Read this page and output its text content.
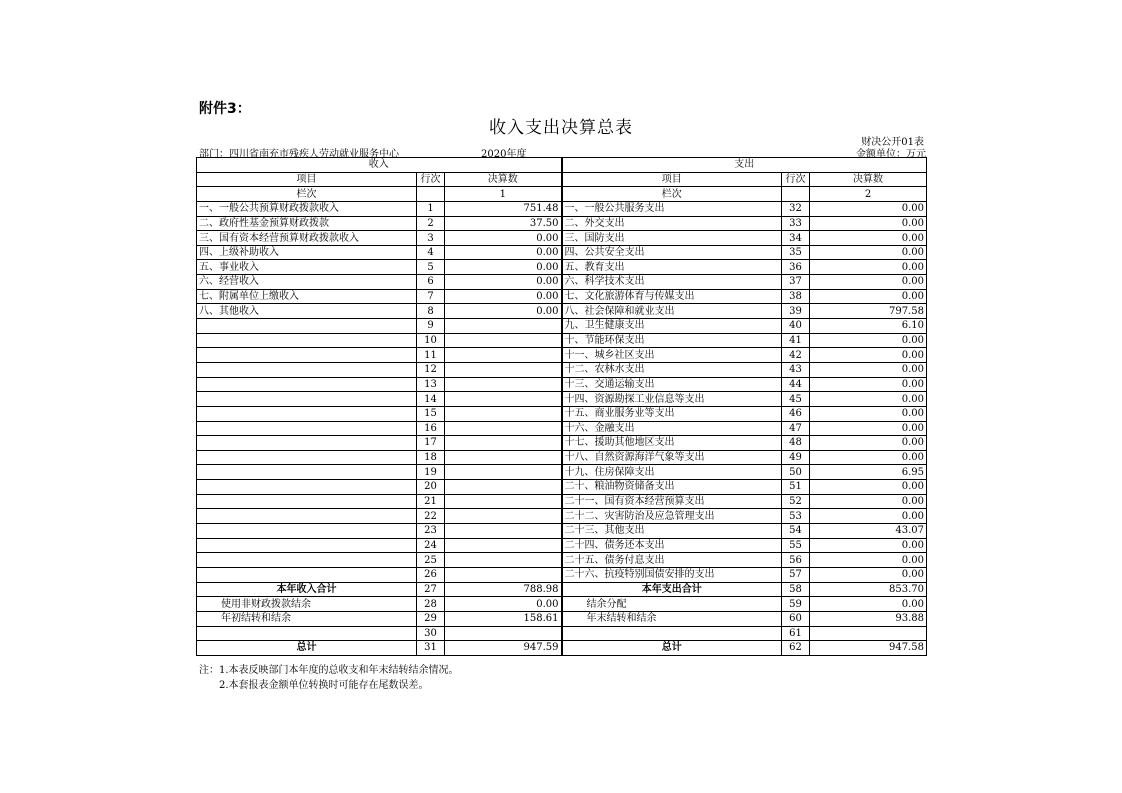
附件3：
收入支出决算总表
财决公开01表
部门：四川省南充市残疾人劳动就业服务中心	2020年度	金额单位：万元
收入			支出		
项目	行次	决算数	项目	行次	决算数
栏次		1	栏次		2
一、一般公共预算财政拨款收入	1	751.48	一、一般公共服务支出	32	0.00
二、政府性基金预算财政拨款	2	37.50	二、外交支出	33	0.00
三、国有资本经营预算财政拨款收入	3	0.00	三、国防支出	34	0.00
四、上级补助收入	4	0.00	四、公共安全支出	35	0.00
五、事业收入	5	0.00	五、教育支出	36	0.00
六、经营收入	6	0.00	六、科学技术支出	37	0.00
七、附属单位上缴收入	7	0.00	七、文化旅游体育与传媒支出	38	0.00
八、其他收入	8	0.00	八、社会保障和就业支出	39	797.58
	9		九、卫生健康支出	40	6.10
	10		十、节能环保支出	41	0.00
	11		十一、城乡社区支出	42	0.00
	12		十二、农林水支出	43	0.00
	13		十三、交通运输支出	44	0.00
	14		十四、资源勘探工业信息等支出	45	0.00
	15		十五、商业服务业等支出	46	0.00
	16		十六、金融支出	47	0.00
	17		十七、援助其他地区支出	48	0.00
	18		十八、自然资源海洋气象等支出	49	0.00
	19		十九、住房保障支出	50	6.95
	20		二十、粮油物资储备支出	51	0.00
	21		二十一、国有资本经营预算支出	52	0.00
	22		二十二、灾害防治及应急管理支出	53	0.00
	23		二十三、其他支出	54	43.07
	24		二十四、债务还本支出	55	0.00
	25		二十五、债务付息支出	56	0.00
	26		二十六、抗疫特别国债安排的支出	57	0.00
本年收入合计	27	788.98	本年支出合计	58	853.70
使用非财政拨款结余	28	0.00	结余分配	59	0.00
年初结转和结余	29	158.61	年末结转和结余	60	93.88
	30			61	
总计	31	947.59	总计	62	947.58
注：1.本表反映部门本年度的总收支和年末结转结余情况。
2.本套报表金额单位转换时可能存在尾数误差。
